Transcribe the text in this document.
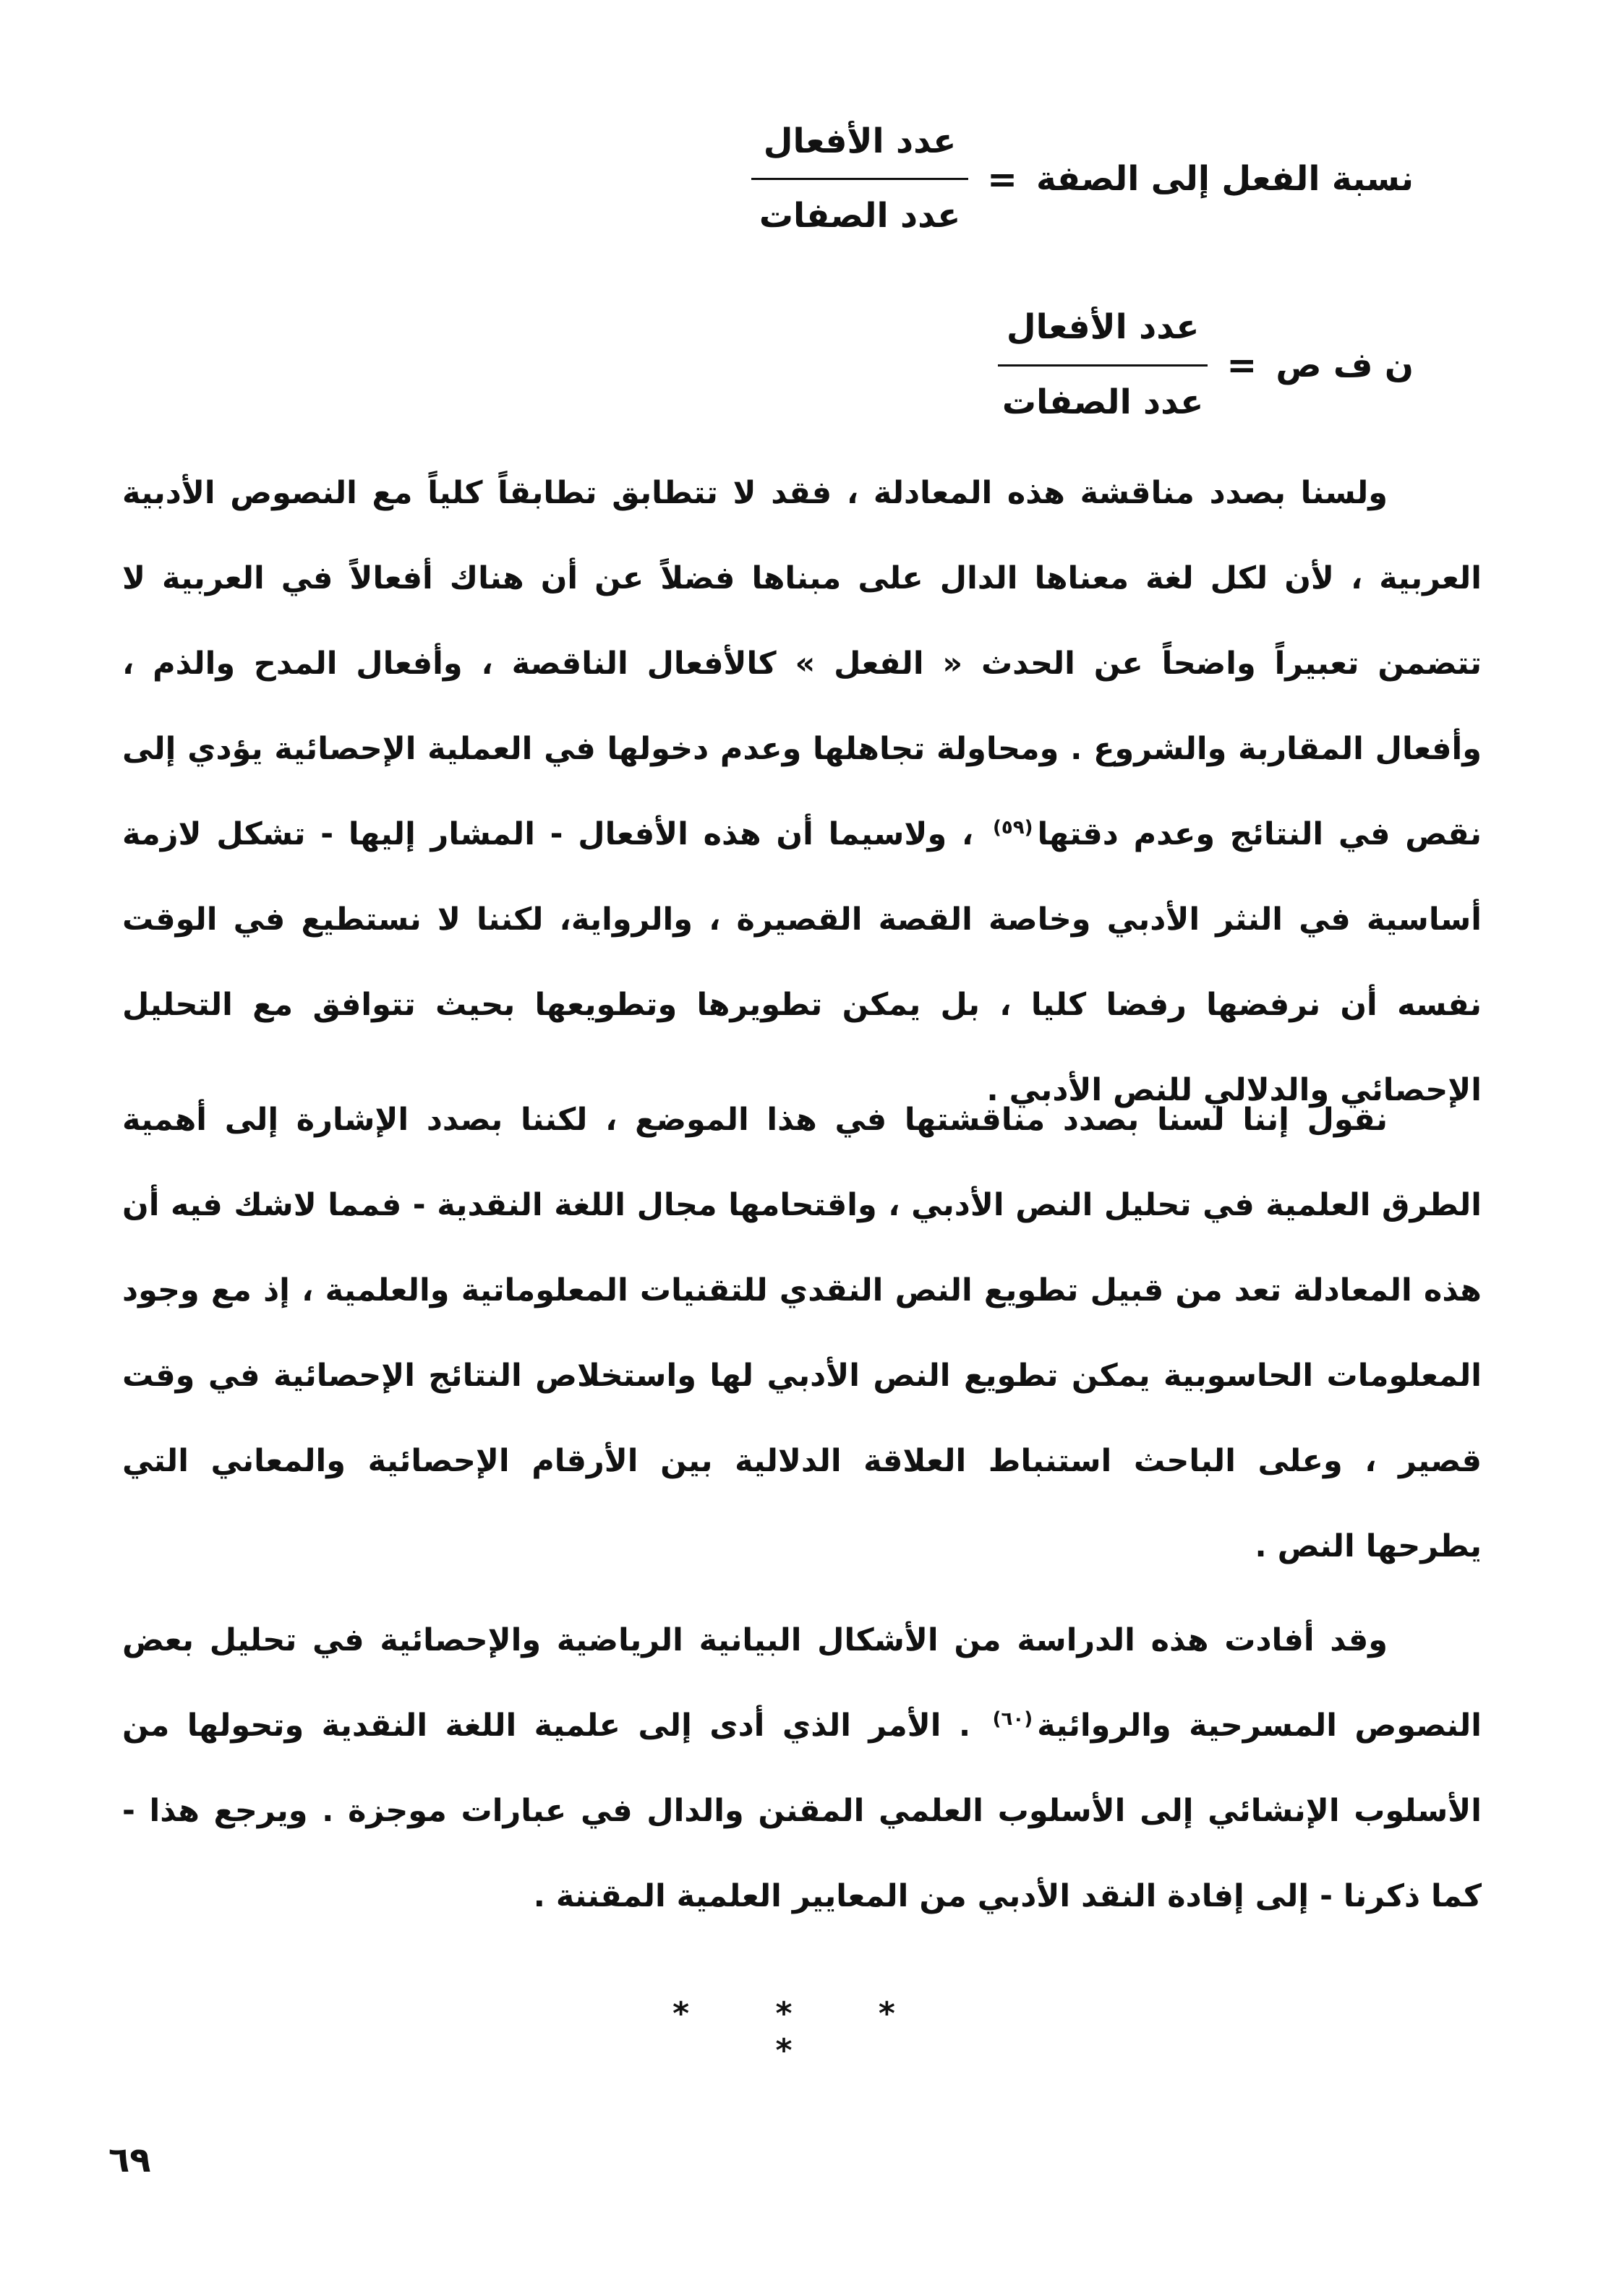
نسبة الفعل إلى الصفة
=
$\frac{\text{عدد الأفعال}}{\text{عدد الصفات}}$
ن ف ص
=
$\frac{\text{عدد الأفعال}}{\text{عدد الصفات}}$

ولسنا بصدد مناقشة هذه المعادلة ، فقد لا تتطابق تطابقاً كلياً مع النصوص الأدبية العربية ، لأن لكل لغة معناها الدال على مبناها فضلاً عن أن هناك أفعالاً في العربية لا تتضمن تعبيراً واضحاً عن الحدث « الفعل » كالأفعال الناقصة ، وأفعال المدح والذم ، وأفعال المقاربة والشروع . ومحاولة تجاهلها وعدم دخولها في العملية الإحصائية يؤدي إلى نقص في النتائج وعدم دقتها$^{(٥٩)}$ ، ولاسيما أن هذه الأفعال - المشار إليها - تشكل لازمة أساسية في النثر الأدبي وخاصة القصة القصيرة ، والرواية، لكننا لا نستطيع في الوقت نفسه أن نرفضها رفضا كليا ، بل يمكن تطويرها وتطويعها بحيث تتوافق مع التحليل الإحصائي والدلالي للنص الأدبي .

نقول إننا لسنا بصدد مناقشتها في هذا الموضع ، لكننا بصدد الإشارة إلى أهمية الطرق العلمية في تحليل النص الأدبي ، واقتحامها مجال اللغة النقدية - فمما لاشك فيه أن هذه المعادلة تعد من قبيل تطويع النص النقدي للتقنيات المعلوماتية والعلمية ، إذ مع وجود المعلومات الحاسوبية يمكن تطويع النص الأدبي لها واستخلاص النتائج الإحصائية في وقت قصير ، وعلى الباحث استنباط العلاقة الدلالية بين الأرقام الإحصائية والمعاني التي يطرحها النص .

وقد أفادت هذه الدراسة من الأشكال البيانية الرياضية والإحصائية في تحليل بعض النصوص المسرحية والروائية$^{(٦٠)}$ . الأمر الذي أدى إلى علمية اللغة النقدية وتحولها من الأسلوب الإنشائي إلى الأسلوب العلمي المقنن والدال في عبارات موجزة . ويرجع هذا - كما ذكرنا - إلى إفادة النقد الأدبي من المعايير العلمية المقننة .

* * * *
٦٩
